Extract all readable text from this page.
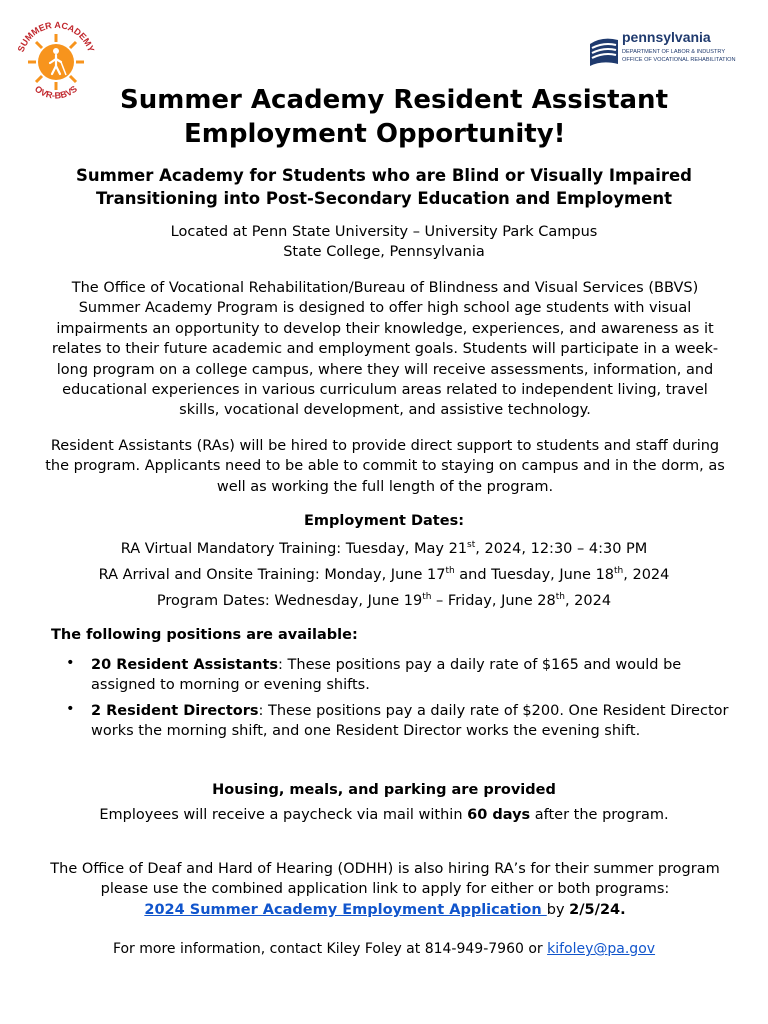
SUMMER ACADEMY
OVR-BBVS
pennsylvania
DEPARTMENT OF LABOR & INDUSTRY
OFFICE OF VOCATIONAL REHABILITATION
Summer Academy Resident Assistant
Employment Opportunity!
Summer Academy for Students who are Blind or Visually Impaired
Transitioning into Post-Secondary Education and Employment
Located at Penn State University – University Park Campus
State College, Pennsylvania
The Office of Vocational Rehabilitation/Bureau of Blindness and Visual Services (BBVS) Summer Academy Program is designed to offer high school age students with visual impairments an opportunity to develop their knowledge, experiences, and awareness as it relates to their future academic and employment goals. Students will participate in a week-long program on a college campus, where they will receive assessments, information, and educational experiences in various curriculum areas related to independent living, travel skills, vocational development, and assistive technology.
Resident Assistants (RAs) will be hired to provide direct support to students and staff during the program. Applicants need to be able to commit to staying on campus and in the dorm, as well as working the full length of the program.
Employment Dates:
RA Virtual Mandatory Training: Tuesday, May 21st, 2024, 12:30 – 4:30 PM
RA Arrival and Onsite Training: Monday, June 17th and Tuesday, June 18th, 2024
Program Dates: Wednesday, June 19th – Friday, June 28th, 2024
The following positions are available:
• 20 Resident Assistants: These positions pay a daily rate of $165 and would be assigned to morning or evening shifts.
• 2 Resident Directors: These positions pay a daily rate of $200. One Resident Director works the morning shift, and one Resident Director works the evening shift.
Housing, meals, and parking are provided
Employees will receive a paycheck via mail within 60 days after the program.
The Office of Deaf and Hard of Hearing (ODHH) is also hiring RA’s for their summer program please use the combined application link to apply for either or both programs:
2024 Summer Academy Employment Application by 2/5/24.
For more information, contact Kiley Foley at 814-949-7960 or kifoley@pa.gov
